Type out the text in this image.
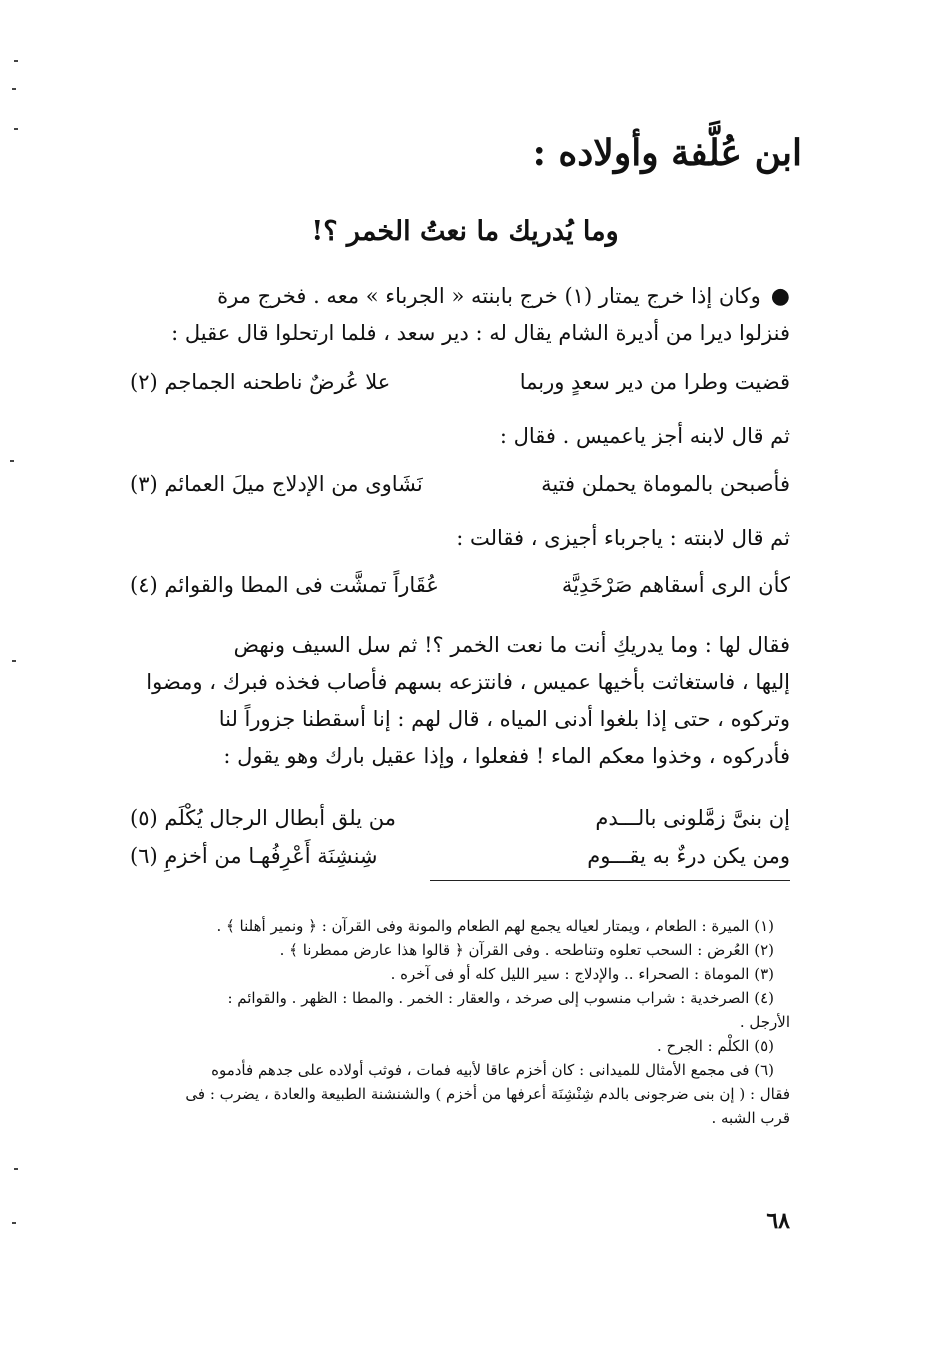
ابن عُلَّفة وأولاده :
وما يُدريك ما نعتُ الخمر ؟!
●وكان إذا خرج يمتار (١) خرج بابنته « الجرباء » معه . فخرج مرة
فنزلوا ديرا من أديرة الشام يقال له : دير سعد ، فلما ارتحلوا قال عقيل :
قضيت وطرا من دير سعدٍ وربما
علا عُرضٌ ناطحنه الجماجم (٢)
ثم قال لابنه أجز ياعميس . فقال :
فأصبحن بالموماة يحملن فتية
نَشَاوى من الإدلاج ميلَ العمائم (٣)
ثم قال لابنته : ياجرباء أجيزى ، فقالت :
كأن الرى أسقاهم صَرْخَدِيَّة
عُقَاراً تمشَّت فى المطا والقوائم (٤)
فقال لها : وما يدريكِ أنت ما نعت الخمر ؟! ثم سل السيف ونهض
إليها ، فاستغاثت بأخيها عميس ، فانتزعه بسهم فأصاب فخذه فبرك ، ومضوا
وتركوه ، حتى إذا بلغوا أدنى المياه ، قال لهم : إنا أسقطنا جزوراً لنا
فأدركوه ، وخذوا معكم الماء ! ففعلوا ، وإذا عقيل بارك وهو يقول :
إن بنىَّ زمَّلونى بالـــدم
من يلق أبطال الرجال يُكْلَم (٥)
ومن يكن درءٌ به يقـــوم
شِنشِنَة أَعْرِفُهـا من أخزمِ (٦)
(١) الميرة : الطعام ، ويمتار لعياله يجمع لهم الطعام والمونة وفى القرآن : ﴿ ونمير أهلنا ﴾ .
(٢) العُرض : السحب تعلوه وتناطحه . وفى القرآن ﴿ قالوا هذا عارض ممطرنا ﴾ .
(٣) الموماة : الصحراء .. والإدلاج : سير الليل كله أو فى آخره .
(٤) الصرخدية : شراب منسوب إلى صرخد ، والعقار : الخمر . والمطا : الظهر . والقوائم :
الأرجل .
(٥) الكلْم : الجرح .
(٦) فى مجمع الأمثال للميدانى : كان أخزم عاقا لأبيه فمات ، فوثب أولاده على جدهم فأدموه
فقال : ( إن بنى ضرجونى بالدم شِنْشِنَة أعرفها من أخزم ) والشنشنة الطبيعة والعادة ، يضرب : فى
قرب الشبه .
٦٨
